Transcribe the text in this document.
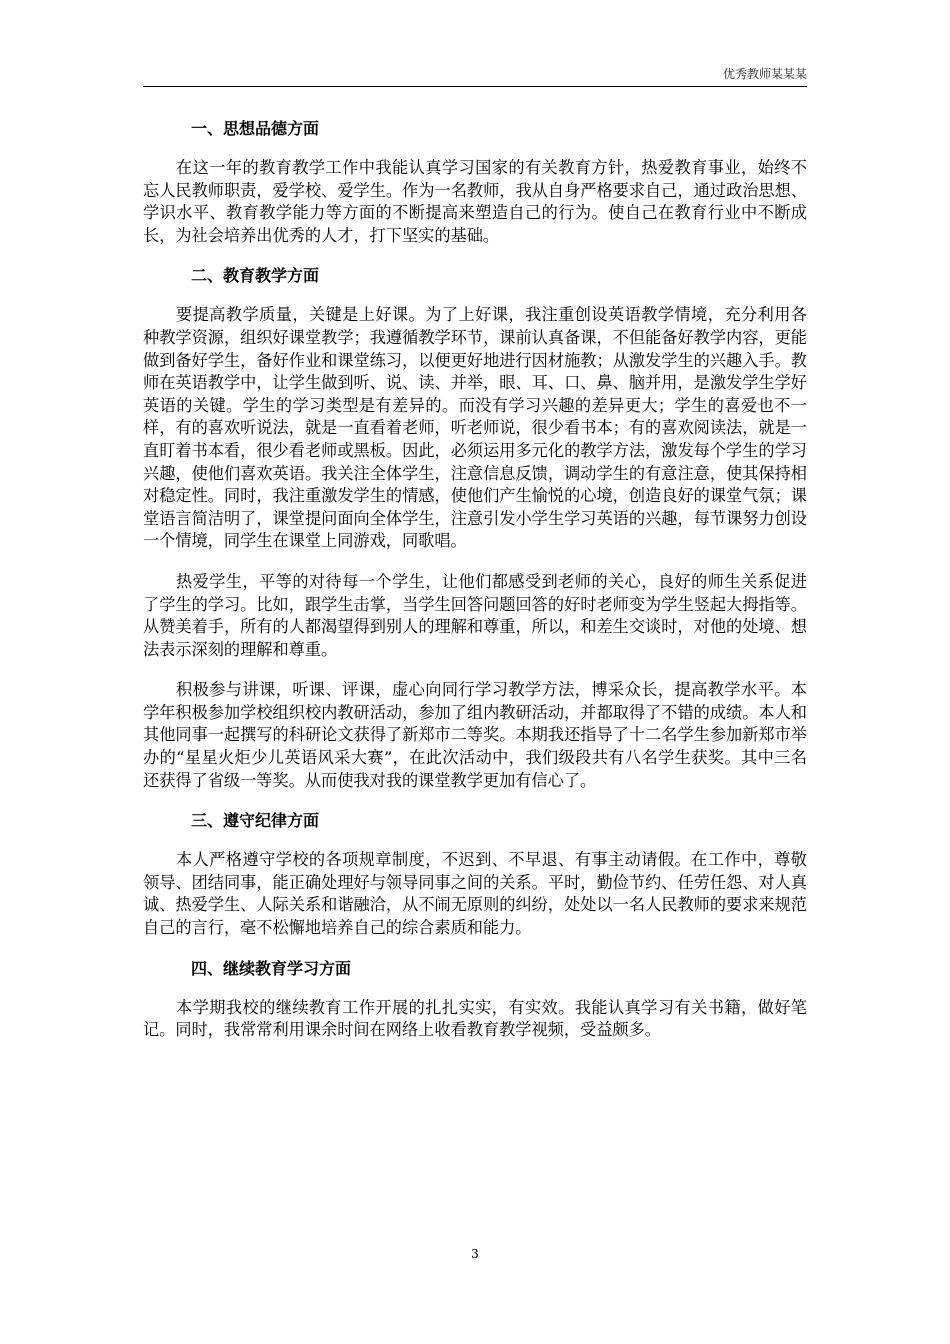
优秀教师某某某
一、思想品德方面

在这一年的教育教学工作中我能认真学习国家的有关教育方针，热爱教育事业，始终不忘人民教师职责，爱学校、爱学生。作为一名教师，我从自身严格要求自己，通过政治思想、学识水平、教育教学能力等方面的不断提高来塑造自己的行为。使自己在教育行业中不断成长，为社会培养出优秀的人才，打下坚实的基础。

二、教育教学方面

要提高教学质量，关键是上好课。为了上好课，我注重创设英语教学情境，充分利用各种教学资源，组织好课堂教学；我遵循教学环节，课前认真备课，不但能备好教学内容，更能做到备好学生，备好作业和课堂练习，以便更好地进行因材施教；从激发学生的兴趣入手。教师在英语教学中，让学生做到听、说、读、并举，眼、耳、口、鼻、脑并用，是激发学生学好英语的关键。学生的学习类型是有差异的。而没有学习兴趣的差异更大；学生的喜爱也不一样，有的喜欢听说法，就是一直看着老师，听老师说，很少看书本；有的喜欢阅读法，就是一直盯着书本看，很少看老师或黑板。因此，必须运用多元化的教学方法，激发每个学生的学习兴趣，使他们喜欢英语。我关注全体学生，注意信息反馈，调动学生的有意注意，使其保持相对稳定性。同时，我注重激发学生的情感，使他们产生愉悦的心境，创造良好的课堂气氛；课堂语言简洁明了，课堂提问面向全体学生，注意引发小学生学习英语的兴趣，每节课努力创设一个情境，同学生在课堂上同游戏，同歌唱。

热爱学生，平等的对待每一个学生，让他们都感受到老师的关心，良好的师生关系促进了学生的学习。比如，跟学生击掌，当学生回答问题回答的好时老师变为学生竖起大拇指等。从赞美着手，所有的人都渴望得到别人的理解和尊重，所以，和差生交谈时，对他的处境、想法表示深刻的理解和尊重。

积极参与讲课，听课、评课，虚心向同行学习教学方法，博采众长，提高教学水平。本学年积极参加学校组织校内教研活动，参加了组内教研活动，并都取得了不错的成绩。本人和其他同事一起撰写的科研论文获得了新郑市二等奖。本期我还指导了十二名学生参加新郑市举办的“星星火炬少儿英语风采大赛”，在此次活动中，我们级段共有八名学生获奖。其中三名还获得了省级一等奖。从而使我对我的课堂教学更加有信心了。

三、遵守纪律方面

本人严格遵守学校的各项规章制度，不迟到、不早退、有事主动请假。在工作中，尊敬领导、团结同事，能正确处理好与领导同事之间的关系。平时，勤俭节约、任劳任怨、对人真诚、热爱学生、人际关系和谐融洽，从不闹无原则的纠纷，处处以一名人民教师的要求来规范自己的言行，毫不松懈地培养自己的综合素质和能力。

四、继续教育学习方面

本学期我校的继续教育工作开展的扎扎实实，有实效。我能认真学习有关书籍，做好笔记。同时，我常常利用课余时间在网络上收看教育教学视频，受益颇多。

3
